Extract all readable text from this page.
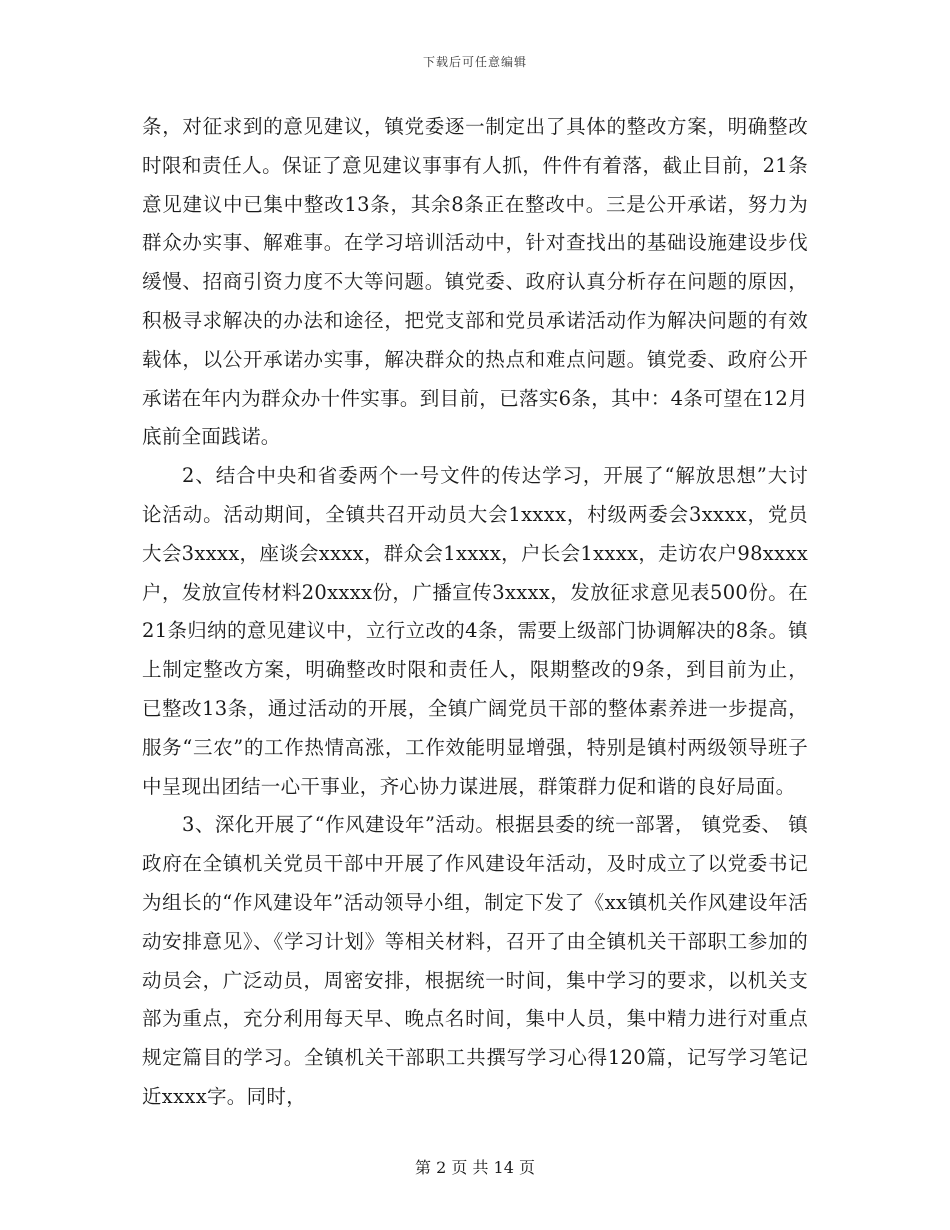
下载后可任意编辑

条，对征求到的意见建议，镇党委逐一制定出了具体的整改方案，明确整改时限和责任人。保证了意见建议事事有人抓，件件有着落，截止目前，21条意见建议中已集中整改13条，其余8条正在整改中。三是公开承诺，努力为群众办实事、解难事。在学习培训活动中，针对查找出的基础设施建设步伐缓慢、招商引资力度不大等问题。镇党委、政府认真分析存在问题的原因，积极寻求解决的办法和途径，把党支部和党员承诺活动作为解决问题的有效载体，以公开承诺办实事，解决群众的热点和难点问题。镇党委、政府公开承诺在年内为群众办十件实事。到目前，已落实6条，其中：4条可望在12月底前全面践诺。

2、结合中央和省委两个一号文件的传达学习，开展了“解放思想”大讨论活动。活动期间，全镇共召开动员大会1xxxx，村级两委会3xxxx，党员大会3xxxx，座谈会xxxx，群众会1xxxx，户长会1xxxx，走访农户98xxxx户，发放宣传材料20xxxx份，广播宣传3xxxx，发放征求意见表500份。在21条归纳的意见建议中，立行立改的4条，需要上级部门协调解决的8条。镇上制定整改方案，明确整改时限和责任人，限期整改的9条，到目前为止，已整改13条，通过活动的开展，全镇广阔党员干部的整体素养进一步提高，服务“三农”的工作热情高涨，工作效能明显增强，特别是镇村两级领导班子中呈现出团结一心干事业，齐心协力谋进展，群策群力促和谐的良好局面。

3、深化开展了“作风建设年”活动。根据县委的统一部署， 镇党委、 镇政府在全镇机关党员干部中开展了作风建设年活动，及时成立了以党委书记为组长的“作风建设年”活动领导小组，制定下发了《xx镇机关作风建设年活动安排意见》、《学习计划》等相关材料，召开了由全镇机关干部职工参加的动员会，广泛动员，周密安排，根据统一时间，集中学习的要求，以机关支部为重点，充分利用每天早、晚点名时间，集中人员，集中精力进行对重点规定篇目的学习。全镇机关干部职工共撰写学习心得120篇，记写学习笔记近xxxx字。同时，

第 2 页 共 14 页
